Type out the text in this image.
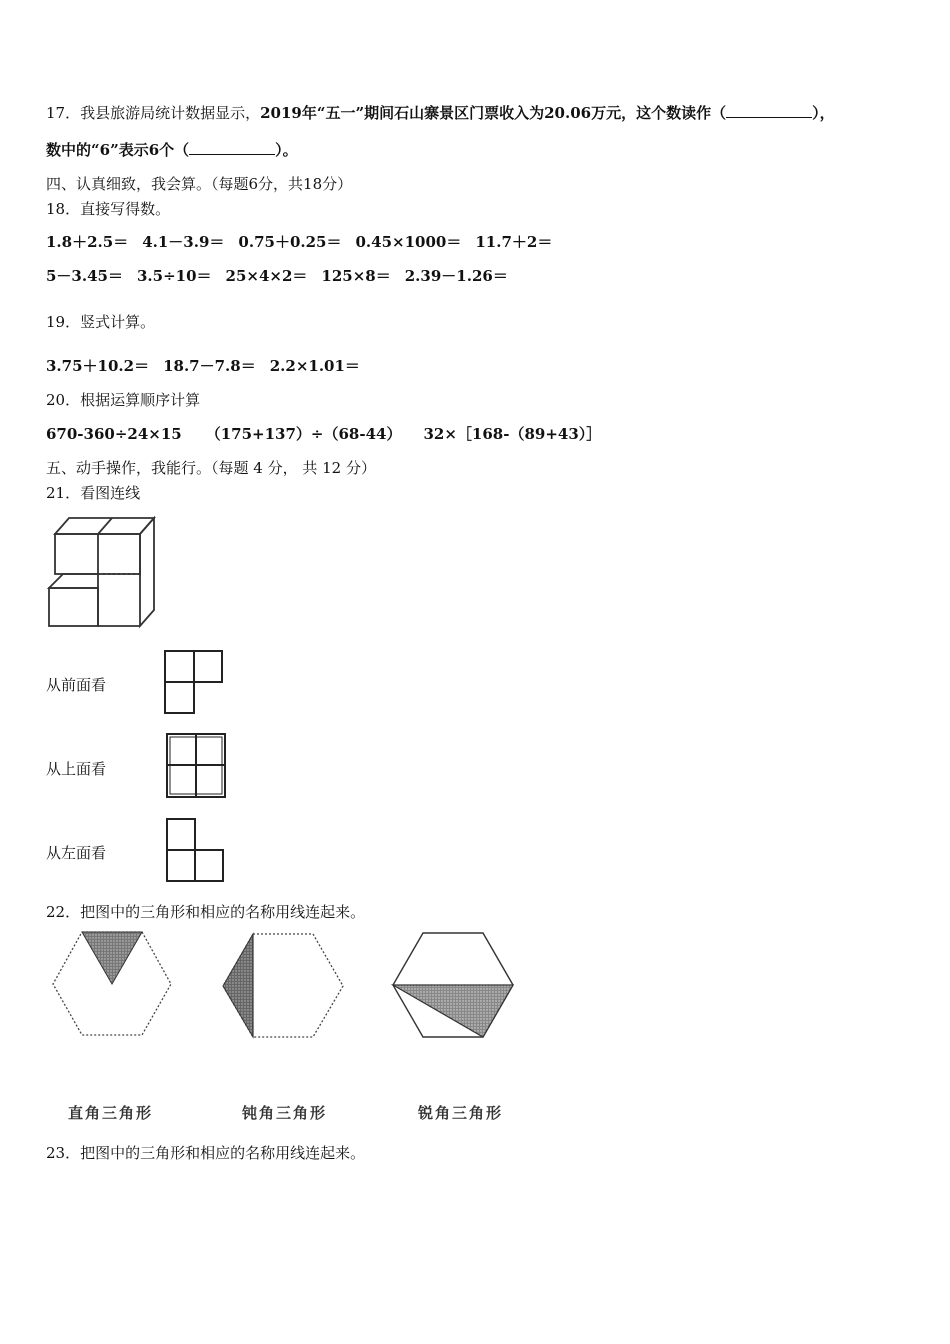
17．我县旅游局统计数据显示，2019年“五一”期间石山寨景区门票收入为20.06万元，这个数读作（	），
数中的“6”表示6个（	）。
四、认真细致，我会算。（每题6分，共18分）
18．直接写得数。
1.8＋2.5＝ 4.1－3.9＝ 0.75＋0.25＝ 0.45×1000＝ 11.7＋2＝
5－3.45＝ 3.5÷10＝ 25×4×2＝ 125×8＝ 2.39－1.26＝
19．竖式计算。
3.75＋10.2＝ 18.7－7.8＝ 2.2×1.01＝
20．根据运算顺序计算
670-360÷24×15 （175+137）÷（68-44） 32×［168-（89+43）］
五、动手操作，我能行。（每题 4 分， 共 12 分）
21．看图连线
从前面看
从上面看
从左面看
22．把图中的三角形和相应的名称用线连起来。
直角三角形	钝角三角形	锐角三角形
23．把图中的三角形和相应的名称用线连起来。
